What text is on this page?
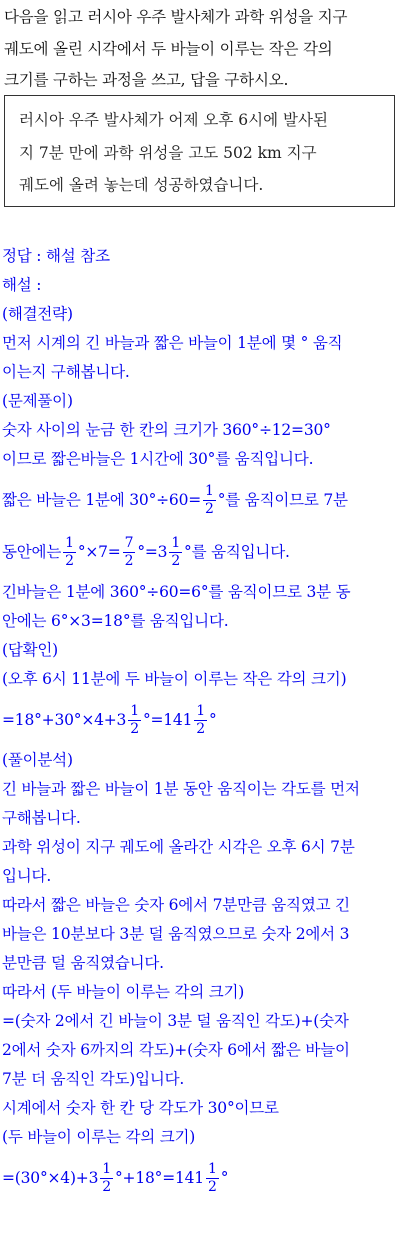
다음을 읽고 러시아 우주 발사체가 과학 위성을 지구
궤도에 올린 시각에서 두 바늘이 이루는 작은 각의
크기를 구하는 과정을 쓰고, 답을 구하시오.
러시아 우주 발사체가 어제 오후 6시에 발사된
지 7분 만에 과학 위성을 고도 502 km 지구
궤도에 올려 놓는데 성공하였습니다.
정답 : 해설 참조
해설 :
(해결전략)
먼저 시계의 긴 바늘과 짧은 바늘이 1분에 몇 ° 움직
이는지 구해봅니다.
(문제풀이)
숫자 사이의 눈금 한 칸의 크기가 360°÷12=30°
이므로 짧은바늘은 1시간에 30°를 움직입니다.
짧은 바늘은 1분에 $30^\circ\div 60= \frac{1}{2}$ °를 움직이므로 7분
동안에는 $\frac{1}{2} ^\circ\times 7= \frac{7}{2} ^\circ=3 \frac{1}{2}$ °를 움직입니다.
긴바늘은 1분에 360°÷60=6°를 움직이므로 3분 동
안에는 6°×3=18°를 움직입니다.
(답확인)
(오후 6시 11분에 두 바늘이 이루는 작은 각의 크기)
$=18^\circ+30^\circ\times 4+3 \frac{1}{2} ^\circ=141 \frac{1}{2}$ °
(풀이분석)
긴 바늘과 짧은 바늘이 1분 동안 움직이는 각도를 먼저
구해봅니다.
과학 위성이 지구 궤도에 올라간 시각은 오후 6시 7분
입니다.
따라서 짧은 바늘은 숫자 6에서 7분만큼 움직였고 긴
바늘은 10분보다 3분 덜 움직였으므로 숫자 2에서 3
분만큼 덜 움직였습니다.
따라서 (두 바늘이 이루는 각의 크기)
=(숫자 2에서 긴 바늘이 3분 덜 움직인 각도)+(숫자
2에서 숫자 6까지의 각도)+(숫자 6에서 짧은 바늘이
7분 더 움직인 각도)입니다.
시계에서 숫자 한 칸 당 각도가 30°이므로
(두 바늘이 이루는 각의 크기)
$=(30^\circ\times 4)+3 \frac{1}{2} ^\circ+18^\circ=141 \frac{1}{2}$ °
